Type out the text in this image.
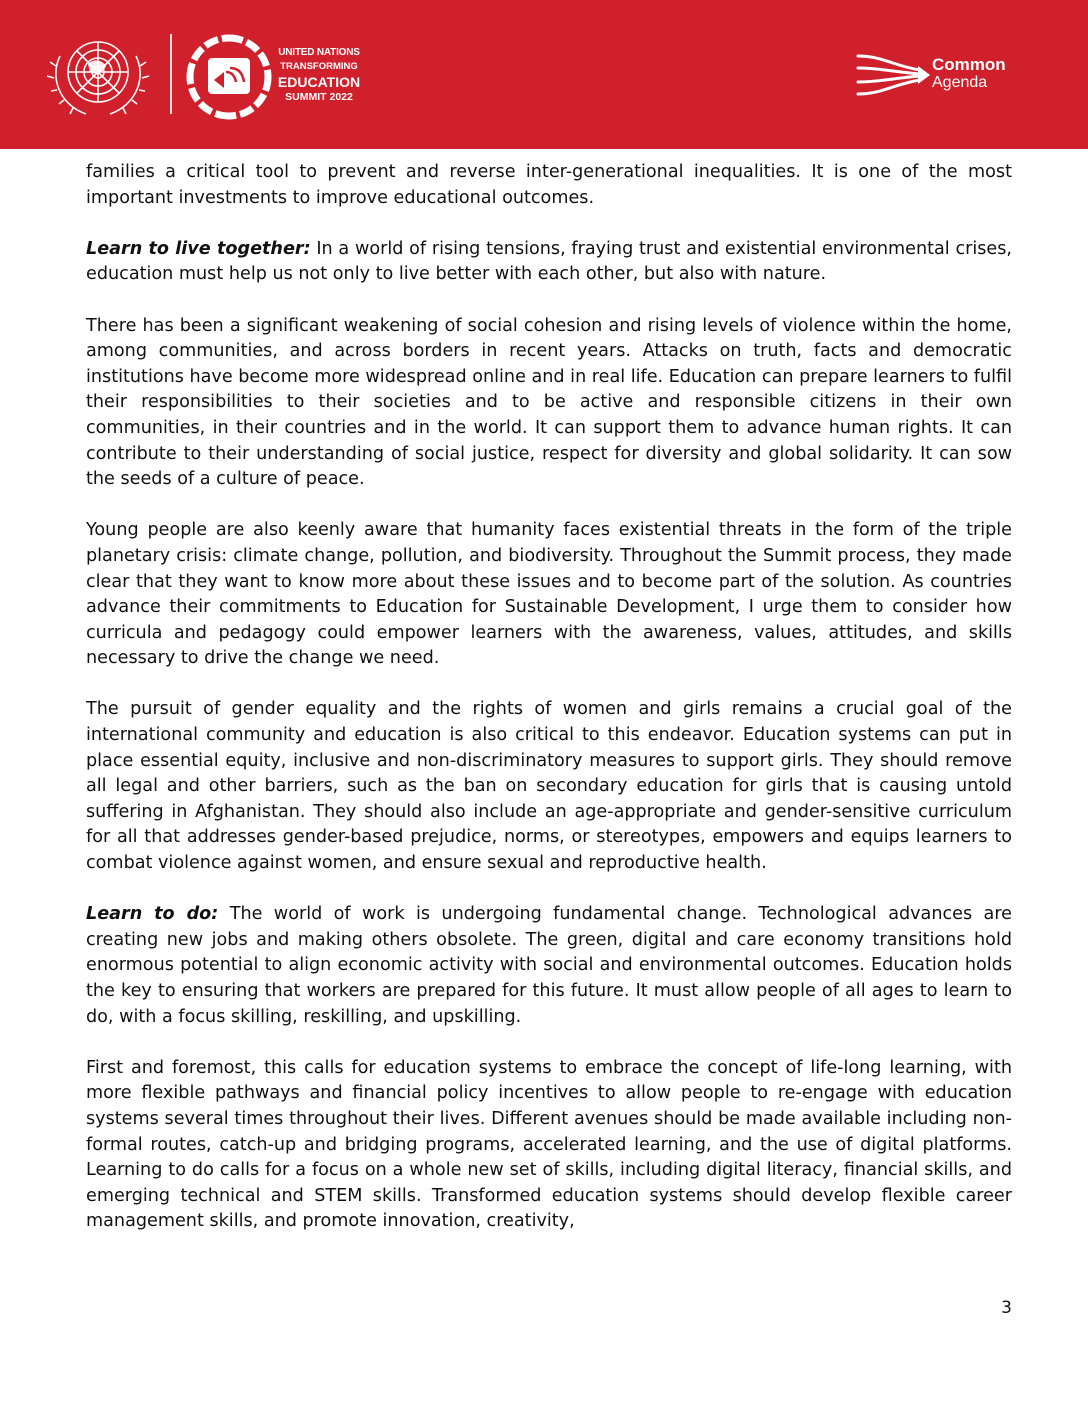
UNITED NATIONS
TRANSFORMING
EDUCATION
SUMMIT 2022
Common
Agenda

families a critical tool to prevent and reverse inter-generational inequalities. It is one of the most important investments to improve educational outcomes.

Learn to live together: In a world of rising tensions, fraying trust and existential environmental crises, education must help us not only to live better with each other, but also with nature.

There has been a significant weakening of social cohesion and rising levels of violence within the home, among communities, and across borders in recent years. Attacks on truth, facts and democratic institutions have become more widespread online and in real life. Education can prepare learners to fulfil their responsibilities to their societies and to be active and responsible citizens in their own communities, in their countries and in the world. It can support them to advance human rights. It can contribute to their understanding of social justice, respect for diversity and global solidarity. It can sow the seeds of a culture of peace.

Young people are also keenly aware that humanity faces existential threats in the form of the triple planetary crisis: climate change, pollution, and biodiversity. Throughout the Summit process, they made clear that they want to know more about these issues and to become part of the solution. As countries advance their commitments to Education for Sustainable Development, I urge them to consider how curricula and pedagogy could empower learners with the awareness, values, attitudes, and skills necessary to drive the change we need.

The pursuit of gender equality and the rights of women and girls remains a crucial goal of the international community and education is also critical to this endeavor. Education systems can put in place essential equity, inclusive and non-discriminatory measures to support girls. They should remove all legal and other barriers, such as the ban on secondary education for girls that is causing untold suffering in Afghanistan. They should also include an age-appropriate and gender-sensitive curriculum for all that addresses gender-based prejudice, norms, or stereotypes, empowers and equips learners to combat violence against women, and ensure sexual and reproductive health.

Learn to do: The world of work is undergoing fundamental change. Technological advances are creating new jobs and making others obsolete. The green, digital and care economy transitions hold enormous potential to align economic activity with social and environmental outcomes. Education holds the key to ensuring that workers are prepared for this future. It must allow people of all ages to learn to do, with a focus skilling, reskilling, and upskilling.

First and foremost, this calls for education systems to embrace the concept of life-long learning, with more flexible pathways and financial policy incentives to allow people to re-engage with education systems several times throughout their lives. Different avenues should be made available including non-formal routes, catch-up and bridging programs, accelerated learning, and the use of digital platforms. Learning to do calls for a focus on a whole new set of skills, including digital literacy, financial skills, and emerging technical and STEM skills. Transformed education systems should develop flexible career management skills, and promote innovation, creativity,

3
